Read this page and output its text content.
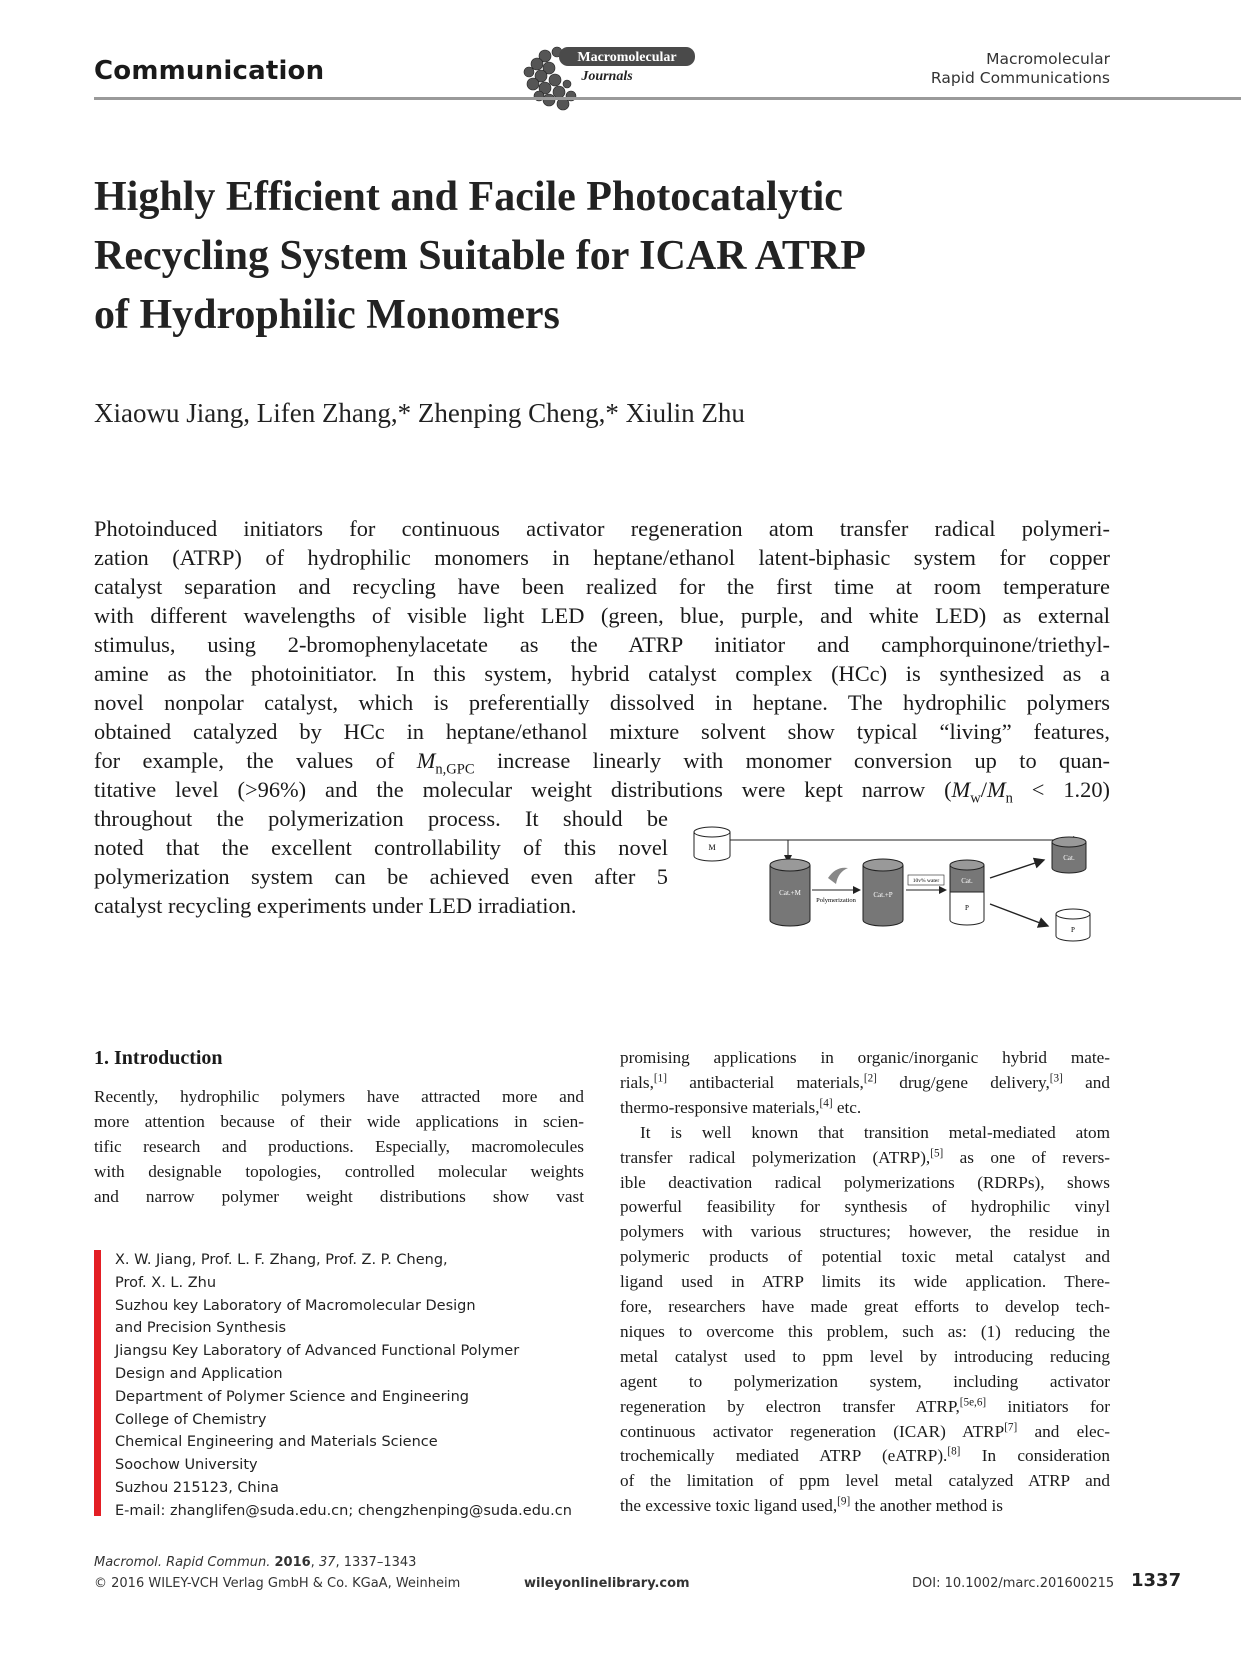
Communication	Macromolecular
Journals
Macromolecular
Rapid Communications
Highly Efficient and Facile Photocatalytic
Recycling System Suitable for ICAR ATRP
of Hydrophilic Monomers
Xiaowu Jiang, Lifen Zhang,* Zhenping Cheng,* Xiulin Zhu
Photoinduced initiators for continuous activator regeneration atom transfer radical polymeri-
zation (ATRP) of hydrophilic monomers in heptane/ethanol latent-biphasic system for copper
catalyst separation and recycling have been realized for the first time at room temperature
with different wavelengths of visible light LED (green, blue, purple, and white LED) as external
stimulus, using 2-bromophenylacetate as the ATRP initiator and camphorquinone/triethyl-
amine as the photoinitiator. In this system, hybrid catalyst complex (HCc) is synthesized as a
novel nonpolar catalyst, which is preferentially dissolved in heptane. The hydrophilic polymers
obtained catalyzed by HCc in heptane/ethanol mixture solvent show typical “living” features,
for example, the values of $M_{n,GPC}$ increase linearly with monomer conversion up to quan-
titative level (>96%) and the molecular weight distributions were kept narrow $(M_w/M_n < 1.20)$
throughout the polymerization process. It should be
noted that the excellent controllability of this novel
polymerization system can be achieved even after 5
catalyst recycling experiments under LED irradiation.
M
Cat.+M
Polymerization
Cat.+P
10v% water	Cat.
P
Cat.
P
1. Introduction
Recently, hydrophilic polymers have attracted more and
more attention because of their wide applications in scien-
tific research and productions. Especially, macromolecules
with designable topologies, controlled molecular weights
and narrow polymer weight distributions show vast
promising applications in organic/inorganic hybrid mate-
rials,[1] antibacterial materials,[2] drug/gene delivery,[3] and
thermo-responsive materials,[4] etc.
It is well known that transition metal-mediated atom
transfer radical polymerization (ATRP),[5] as one of revers-
ible deactivation radical polymerizations (RDRPs), shows
powerful feasibility for synthesis of hydrophilic vinyl
polymers with various structures; however, the residue in
polymeric products of potential toxic metal catalyst and
ligand used in ATRP limits its wide application. There-
fore, researchers have made great efforts to develop tech-
niques to overcome this problem, such as: (1) reducing the
metal catalyst used to ppm level by introducing reducing
agent to polymerization system, including activator
regeneration by electron transfer ATRP,[5e,6] initiators for
continuous activator regeneration (ICAR) ATRP[7] and elec-
trochemically mediated ATRP (eATRP).[8] In consideration
of the limitation of ppm level metal catalyzed ATRP and
the excessive toxic ligand used,[9] the another method is
X. W. Jiang, Prof. L. F. Zhang, Prof. Z. P. Cheng,
Prof. X. L. Zhu
Suzhou key Laboratory of Macromolecular Design
and Precision Synthesis
Jiangsu Key Laboratory of Advanced Functional Polymer
Design and Application
Department of Polymer Science and Engineering
College of Chemistry
Chemical Engineering and Materials Science
Soochow University
Suzhou 215123, China
E-mail: zhanglifen@suda.edu.cn; chengzhenping@suda.edu.cn
Macromol. Rapid Commun. 2016, 37, 1337–1343
© 2016 WILEY-VCH Verlag GmbH & Co. KGaA, Weinheim	wileyonlinelibrary.com	DOI: 10.1002/marc.201600215 1337
